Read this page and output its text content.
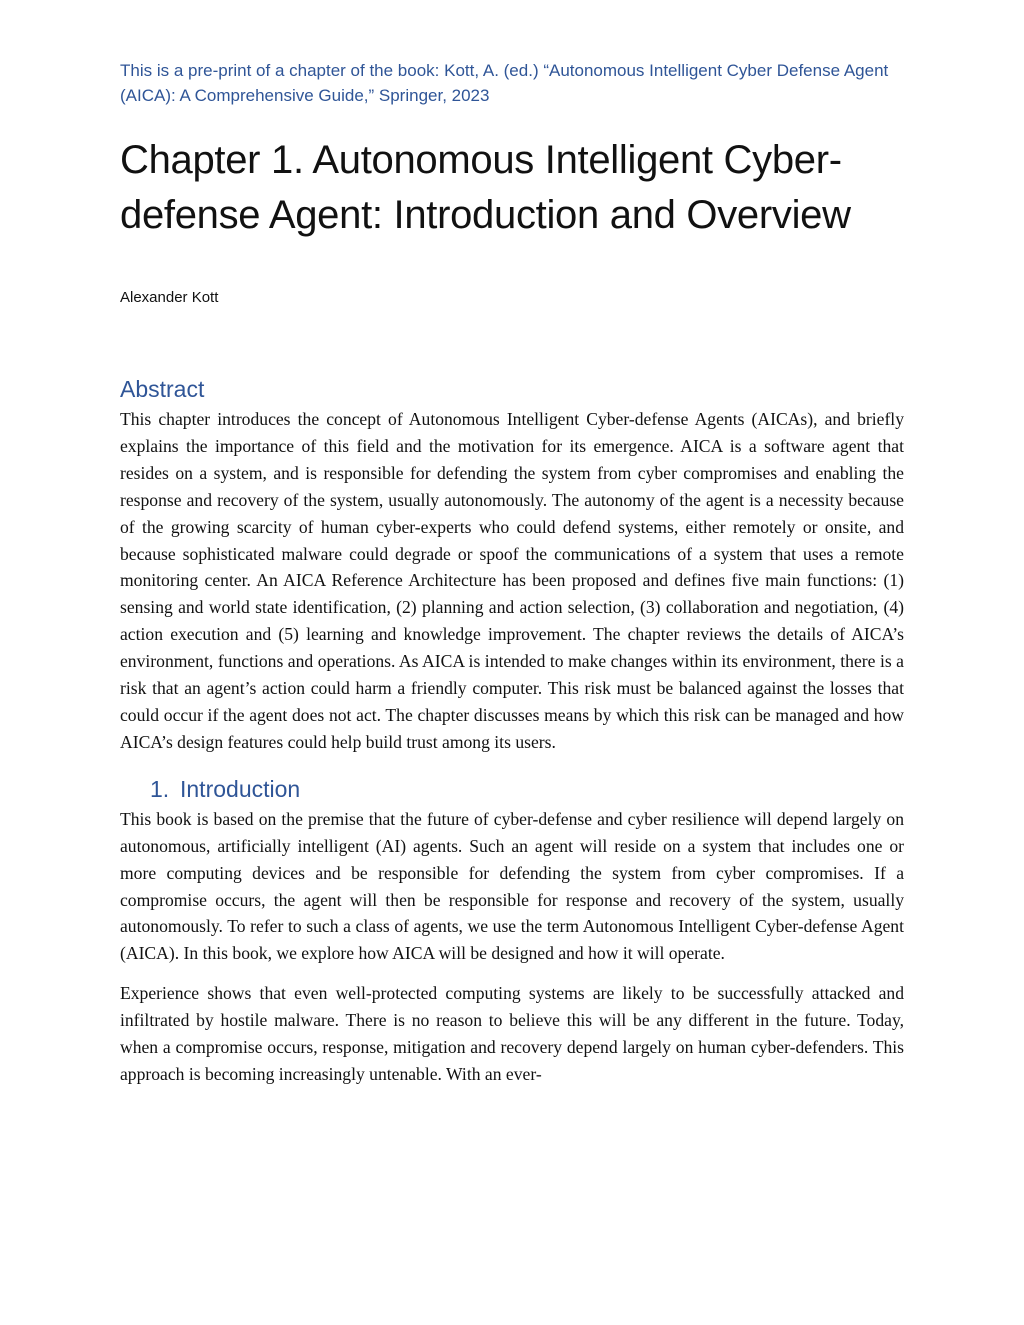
This is a pre-print of a chapter of the book: Kott, A. (ed.) “Autonomous Intelligent Cyber Defense Agent (AICA): A Comprehensive Guide,” Springer, 2023

Chapter 1. Autonomous Intelligent Cyber-defense Agent: Introduction and Overview

Alexander Kott

Abstract

This chapter introduces the concept of Autonomous Intelligent Cyber-defense Agents (AICAs), and briefly explains the importance of this field and the motivation for its emergence. AICA is a software agent that resides on a system, and is responsible for defending the system from cyber compromises and enabling the response and recovery of the system, usually autonomously. The autonomy of the agent is a necessity because of the growing scarcity of human cyber-experts who could defend systems, either remotely or onsite, and because sophisticated malware could degrade or spoof the communications of a system that uses a remote monitoring center. An AICA Reference Architecture has been proposed and defines five main functions: (1) sensing and world state identification, (2) planning and action selection, (3) collaboration and negotiation, (4) action execution and (5) learning and knowledge improvement. The chapter reviews the details of AICA’s environment, functions and operations. As AICA is intended to make changes within its environment, there is a risk that an agent’s action could harm a friendly computer. This risk must be balanced against the losses that could occur if the agent does not act. The chapter discusses means by which this risk can be managed and how AICA’s design features could help build trust among its users.

1. Introduction

This book is based on the premise that the future of cyber-defense and cyber resilience will depend largely on autonomous, artificially intelligent (AI) agents. Such an agent will reside on a system that includes one or more computing devices and be responsible for defending the system from cyber compromises. If a compromise occurs, the agent will then be responsible for response and recovery of the system, usually autonomously. To refer to such a class of agents, we use the term Autonomous Intelligent Cyber-defense Agent (AICA). In this book, we explore how AICA will be designed and how it will operate.

Experience shows that even well-protected computing systems are likely to be successfully attacked and infiltrated by hostile malware. There is no reason to believe this will be any different in the future. Today, when a compromise occurs, response, mitigation and recovery depend largely on human cyber-defenders. This approach is becoming increasingly untenable. With an ever-
